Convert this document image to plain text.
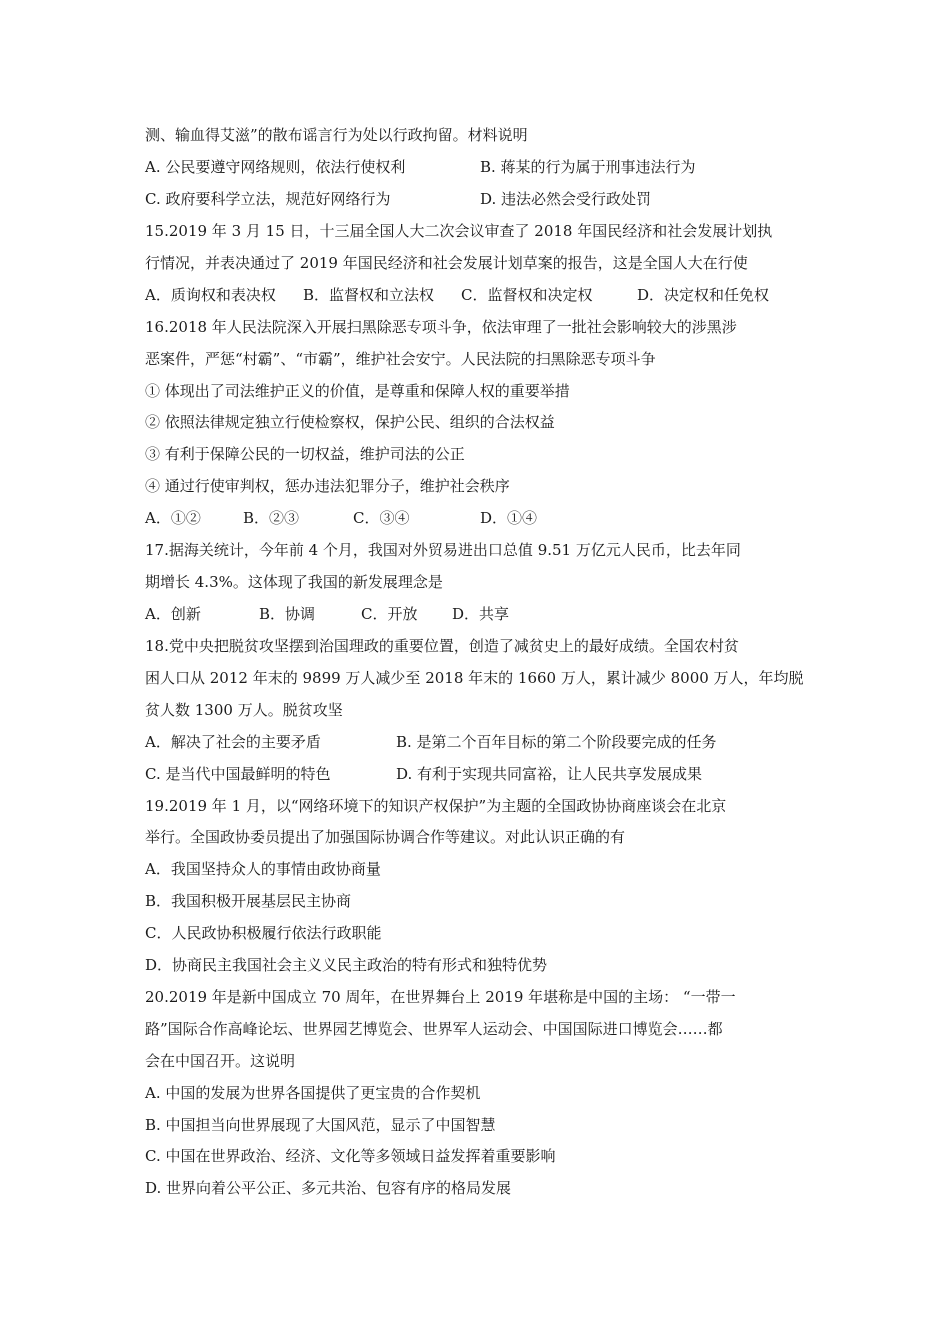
测、输血得艾滋”的散布谣言行为处以行政拘留。材料说明
A. 公民要遵守网络规则，依法行使权利	B. 蒋某的行为属于刑事违法行为
C. 政府要科学立法，规范好网络行为	D. 违法必然会受行政处罚
15.2019 年 3 月 15 日，十三届全国人大二次会议审查了 2018 年国民经济和社会发展计划执
行情况，并表决通过了 2019 年国民经济和社会发展计划草案的报告，这是全国人大在行使
A．质询权和表决权 B．监督权和立法权 C．监督权和决定权	D．决定权和任免权
16.2018 年人民法院深入开展扫黑除恶专项斗争，依法审理了一批社会影响较大的涉黑涉
恶案件，严惩“村霸”、“市霸”，维护社会安宁。人民法院的扫黑除恶专项斗争
① 体现出了司法维护正义的价值，是尊重和保障人权的重要举措
② 依照法律规定独立行使检察权，保护公民、组织的合法权益
③ 有利于保障公民的一切权益，维护司法的公正
④ 通过行使审判权，惩办违法犯罪分子，维护社会秩序
A．①②	B．②③	C．③④	D．①④
17.据海关统计，今年前 4 个月，我国对外贸易进出口总值 9.51 万亿元人民币，比去年同
期增长 4.3%。这体现了我国的新发展理念是
A．创新	B．协调	C．开放 D．共享
18.党中央把脱贫攻坚摆到治国理政的重要位置，创造了减贫史上的最好成绩。全国农村贫
困人口从 2012 年末的 9899 万人减少至 2018 年末的 1660 万人，累计减少 8000 万人，年均脱
贫人数 1300 万人。脱贫攻坚
A．解决了社会的主要矛盾	B. 是第二个百年目标的第二个阶段要完成的任务
C. 是当代中国最鲜明的特色	D. 有利于实现共同富裕，让人民共享发展成果
19.2019 年 1 月，以“网络环境下的知识产权保护”为主题的全国政协协商座谈会在北京
举行。全国政协委员提出了加强国际协调合作等建议。对此认识正确的有
A．我国坚持众人的事情由政协商量
B．我国积极开展基层民主协商
C．人民政协积极履行依法行政职能
D．协商民主我国社会主义义民主政治的特有形式和独特优势
20.2019 年是新中国成立 70 周年，在世界舞台上 2019 年堪称是中国的主场： “一带一
路”国际合作高峰论坛、世界园艺博览会、世界军人运动会、中国国际进口博览会……都
会在中国召开。这说明
A. 中国的发展为世界各国提供了更宝贵的合作契机
B. 中国担当向世界展现了大国风范，显示了中国智慧
C. 中国在世界政治、经济、文化等多领域日益发挥着重要影响
D. 世界向着公平公正、多元共治、包容有序的格局发展
